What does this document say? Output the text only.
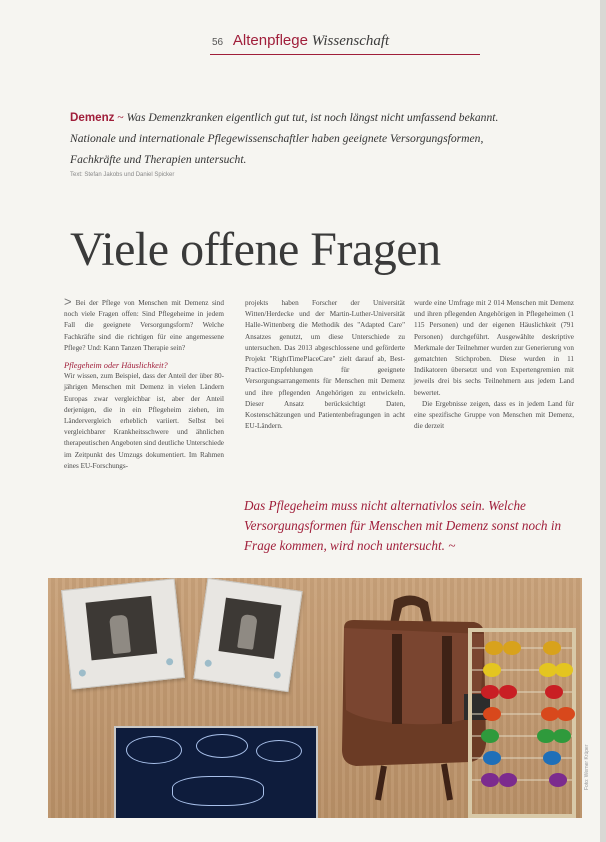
56 Altenpflege Wissenschaft
Demenz ~ Was Demenzkranken eigentlich gut tut, ist noch längst nicht umfassend bekannt. Nationale und internationale Pflegewissenschaftler haben geeignete Versorgungsformen, Fachkräfte und Therapien untersucht.
Text: Stefan Jakobs und Daniel Spicker
Viele offene Fragen

> Bei der Pflege von Menschen mit Demenz sind noch viele Fragen offen: Sind Pflegeheime in jedem Fall die geeignete Versorgungsform? Welche Fachkräfte sind die richtigen für eine angemessene Pflege? Und: Kann Tanzen Therapie sein?

Pflegeheim oder Häuslichkeit?

Wir wissen, zum Beispiel, dass der Anteil der über 80-jährigen Menschen mit Demenz in vielen Ländern Europas zwar vergleichbar ist, aber der Anteil derjenigen, die in ein Pflegeheim ziehen, im Ländervergleich erheblich variiert. Selbst bei vergleichbarer Krankheitsschwere und ähnlichen therapeutischen Angeboten sind deutliche Unterschiede im Zeitpunkt des Umzugs dokumentiert. Im Rahmen eines EU-Forschungs-

projekts haben Forscher der Universität Witten/Herdecke und der Martin-Luther-Universität Halle-Wittenberg die Methodik des "Adapted Care" Ansatzes genutzt, um diese Unterschiede zu untersuchen. Das 2013 abgeschlossene und geförderte Projekt "RightTimePlaceCare" zielt darauf ab, Best-Practice-Empfehlungen für geeignete Versorgungsarrangements für Menschen mit Demenz und ihre pflegenden Angehörigen zu entwickeln. Dieser Ansatz berücksichtigt Daten, Kostenschätzungen und Patientenbefragungen in acht EU-Ländern.

wurde eine Umfrage mit 2 014 Menschen mit Demenz und ihren pflegenden Angehörigen in Pflegeheimen (1 115 Personen) und der eigenen Häuslichkeit (791 Personen) durchgeführt. Ausgewählte deskriptive Merkmale der Teilnehmer wurden zur Generierung von gematchten Stichproben. Diese wurden in 11 Indikatoren übersetzt und von Expertengremien mit jeweils drei bis sechs Teilnehmern aus jedem Land bewertet.

Die Ergebnisse zeigen, dass es in jedem Land für eine spezifische Gruppe von Menschen mit Demenz, die derzeit

Das Pflegeheim muss nicht alternativlos sein. Welche Versorgungsformen für Menschen mit Demenz sonst noch in Frage kommen, wird noch untersucht. ~
Foto: Werner Krüper
